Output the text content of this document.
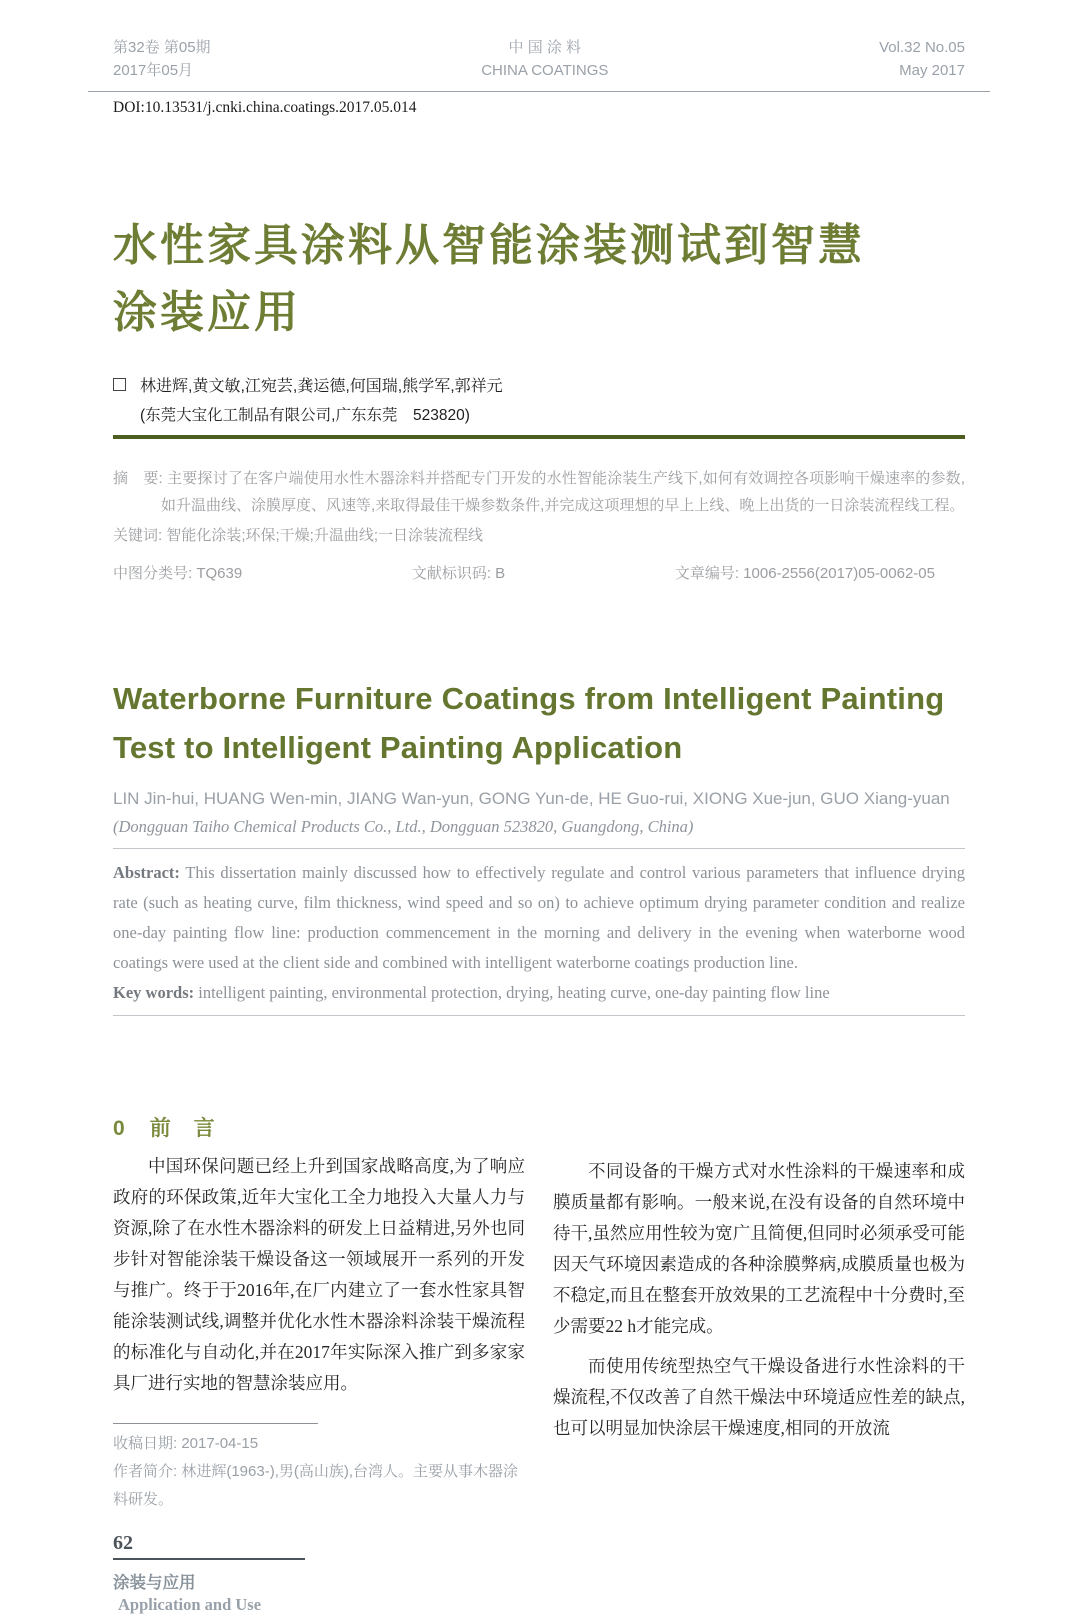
第32卷 第05期
2017年05月
中 国 涂 料
CHINA COATINGS
Vol.32 No.05
May 2017
DOI:10.13531/j.cnki.china.coatings.2017.05.014
水性家具涂料从智能涂装测试到智慧
涂装应用
林进辉,黄文敏,江宛芸,龚运德,何国瑞,熊学军,郭祥元
(东莞大宝化工制品有限公司,广东东莞　523820)

摘　要: 主要探讨了在客户端使用水性木器涂料并搭配专门开发的水性智能涂装生产线下,如何有效调控各项影响干燥速率的参数,如升温曲线、涂膜厚度、风速等,来取得最佳干燥参数条件,并完成这项理想的早上上线、晚上出货的一日涂装流程线工程。

关键词: 智能化涂装;环保;干燥;升温曲线;一日涂装流程线
中图分类号: TQ639	文献标识码: B	文章编号: 1006-2556(2017)05-0062-05
Waterborne Furniture Coatings from Intelligent Painting
Test to Intelligent Painting Application
LIN Jin-hui, HUANG Wen-min, JIANG Wan-yun, GONG Yun-de, HE Guo-rui, XIONG Xue-jun, GUO Xiang-yuan
(Dongguan Taiho Chemical Products Co., Ltd., Dongguan 523820, Guangdong, China)

Abstract: This dissertation mainly discussed how to effectively regulate and control various parameters that influence drying rate (such as heating curve, film thickness, wind speed and so on) to achieve optimum drying parameter condition and realize one-day painting flow line: production commencement in the morning and delivery in the evening when waterborne wood coatings were used at the client side and combined with intelligent waterborne coatings production line.

Key words: intelligent painting, environmental protection, drying, heating curve, one-day painting flow line

0 前　言

中国环保问题已经上升到国家战略高度,为了响应政府的环保政策,近年大宝化工全力地投入大量人力与资源,除了在水性木器涂料的研发上日益精进,另外也同步针对智能涂装干燥设备这一领域展开一系列的开发与推广。终于于2016年,在厂内建立了一套水性家具智能涂装测试线,调整并优化水性木器涂料涂装干燥流程的标准化与自动化,并在2017年实际深入推广到多家家具厂进行实地的智慧涂装应用。

收稿日期: 2017-04-15
作者简介: 林进辉(1963-),男(高山族),台湾人。主要从事木器涂料研发。

不同设备的干燥方式对水性涂料的干燥速率和成膜质量都有影响。一般来说,在没有设备的自然环境中待干,虽然应用性较为宽广且简便,但同时必须承受可能因天气环境因素造成的各种涂膜弊病,成膜质量也极为不稳定,而且在整套开放效果的工艺流程中十分费时,至少需要22 h才能完成。

而使用传统型热空气干燥设备进行水性涂料的干燥流程,不仅改善了自然干燥法中环境适应性差的缺点,也可以明显加快涂层干燥速度,相同的开放流

62
涂装与应用
Application and Use
